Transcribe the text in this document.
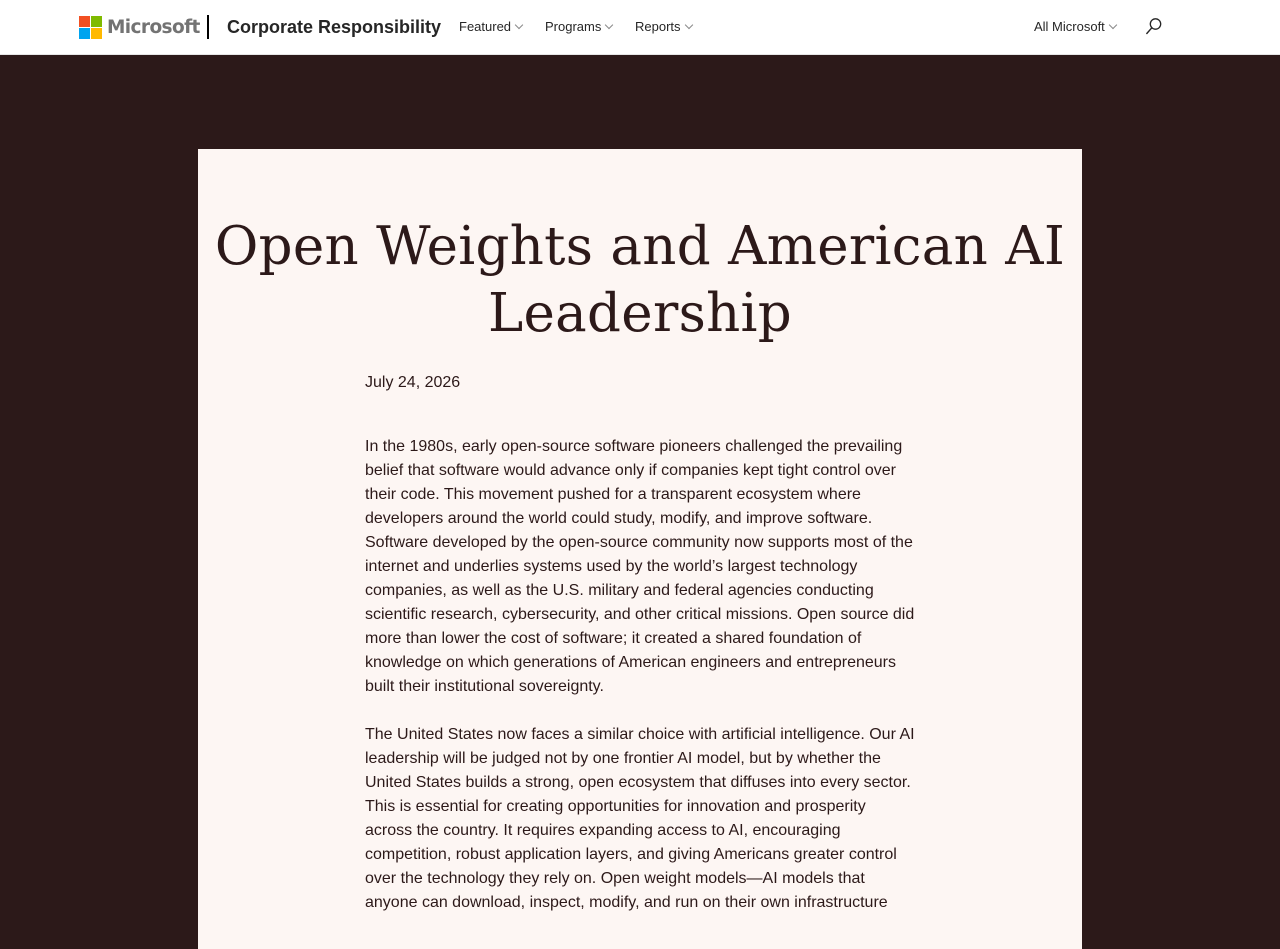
Microsoft Corporate Responsibility Featured	Programs	Reports	All Microsoft
Open Weights and American AI Leadership
July 24, 2026

In the 1980s, early open-source software pioneers challenged the prevailing belief that software would advance only if companies kept tight control over their code. This movement pushed for a transparent ecosystem where developers around the world could study, modify, and improve software. Software developed by the open-source community now supports most of the internet and underlies systems used by the world’s largest technology companies, as well as the U.S. military and federal agencies conducting scientific research, cybersecurity, and other critical missions. Open source did more than lower the cost of software; it created a shared foundation of knowledge on which generations of American engineers and entrepreneurs built their institutional sovereignty.

The United States now faces a similar choice with artificial intelligence. Our AI leadership will be judged not by one frontier AI model, but by whether the United States builds a strong, open ecosystem that diffuses into every sector. This is essential for creating opportunities for innovation and prosperity across the country. It requires expanding access to AI, encouraging competition, robust application layers, and giving Americans greater control over the technology they rely on. Open weight models—AI models that anyone can download, inspect, modify, and run on their own infrastructure
